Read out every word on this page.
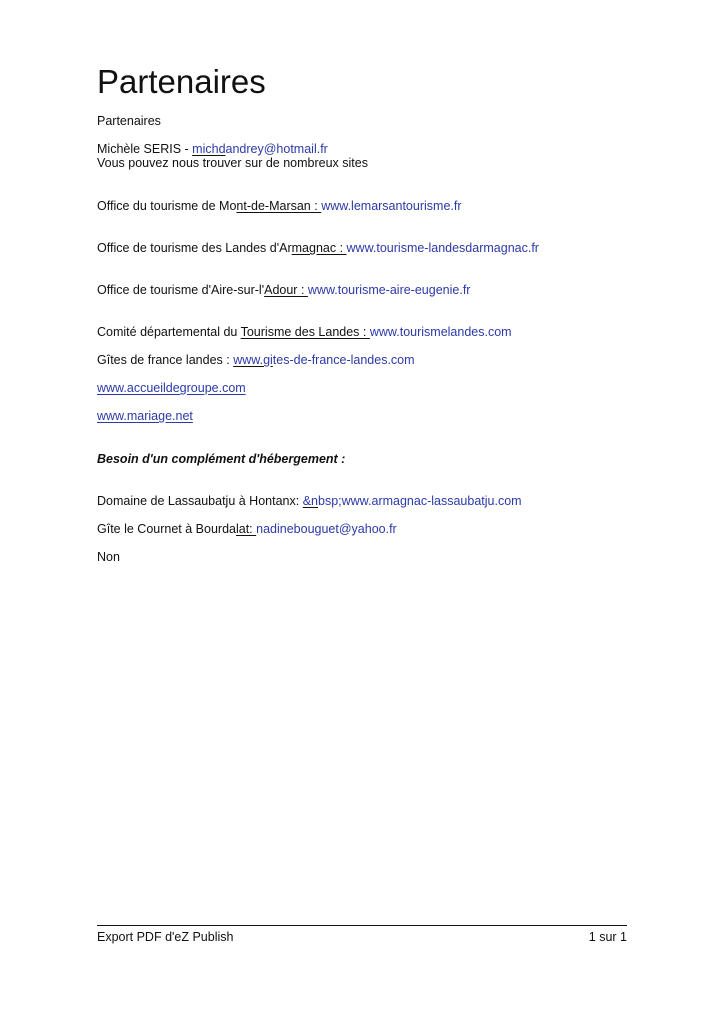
Partenaires
Partenaires
Michèle SERIS - michdandrey@hotmail.fr
Vous pouvez nous trouver sur de nombreux sites
Office du tourisme de Mont-de-Marsan : www.lemarsantourisme.fr
Office de tourisme des Landes d'Armagnac : www.tourisme-landesdarmagnac.fr
Office de tourisme d'Aire-sur-l'Adour : www.tourisme-aire-eugenie.fr
Comité départemental du Tourisme des Landes : www.tourismelandes.com
Gîtes de france landes : www.gites-de-france-landes.com
www.accueildegroupe.com
www.mariage.net
Besoin d'un complément d'hébergement :
Domaine de Lassaubatju à Hontanx: &nbsp;www.armagnac-lassaubatju.com
Gîte le Cournet à Bourdalat: nadinebouguet@yahoo.fr
Non
Export PDF d'eZ Publish	1 sur 1
